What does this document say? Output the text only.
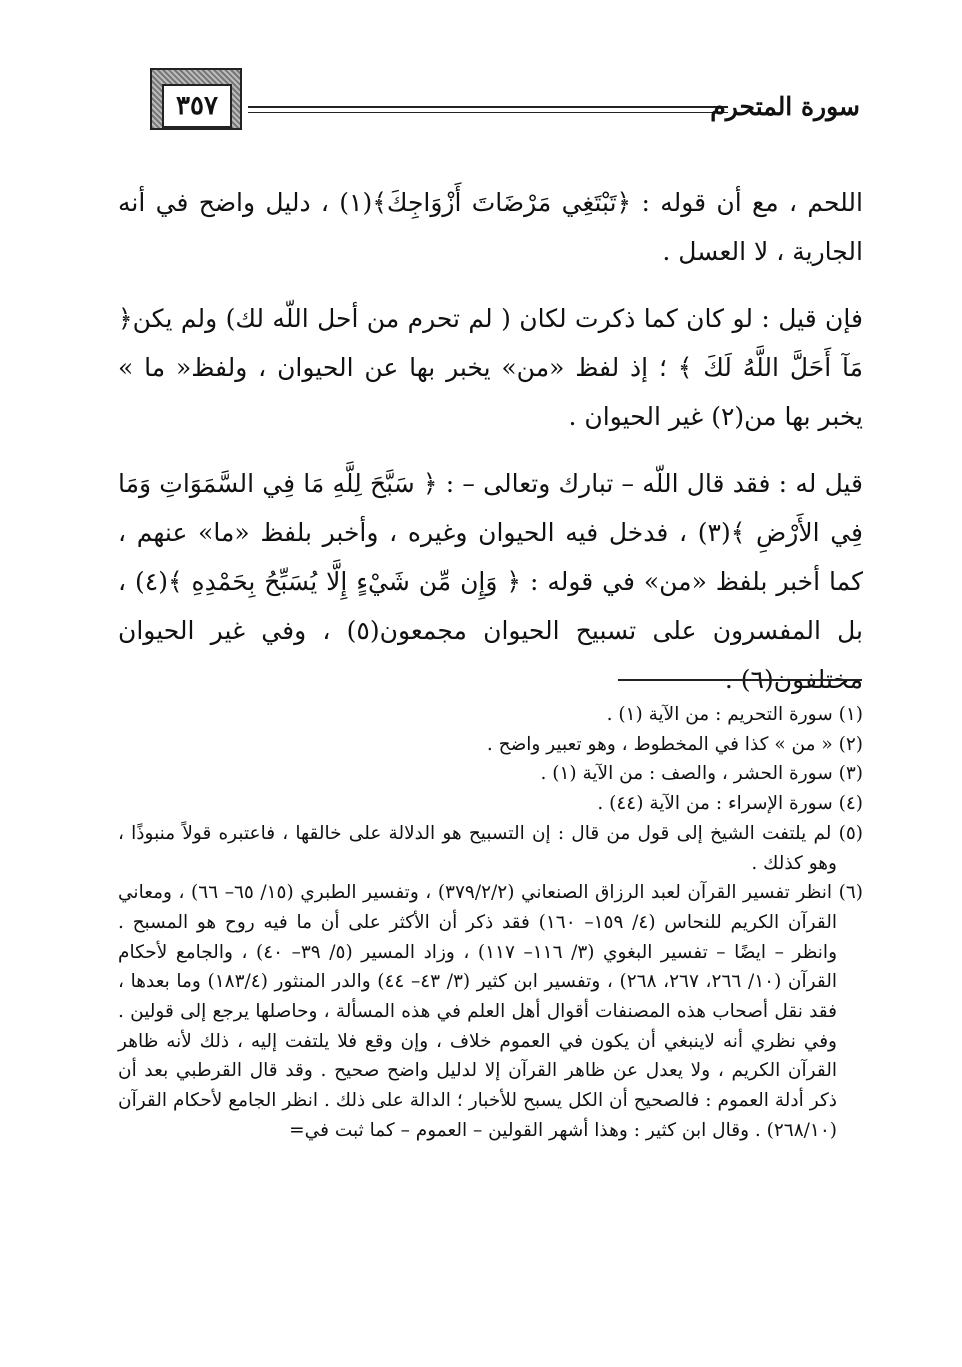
٣٥٧	سورة المتحرم

اللحم ، مع أن قوله : ﴿تَبْتَغِي مَرْضَاتَ أَزْوَاجِكَ﴾(١) ، دليل واضح في أنه الجارية ، لا العسل .

فإن قيل : لو كان كما ذكرت لكان ( لم تحرم من أحل اللّه لك) ولم يكن﴿ مَآ أَحَلَّ اللَّهُ لَكَ ﴾ ؛ إذ لفظ «من» يخبر بها عن الحيوان ، ولفظ« ما » يخبر بها من(٢) غير الحيوان .

قيل له : فقد قال اللّه – تبارك وتعالى – : ﴿ سَبَّحَ لِلَّهِ مَا فِي السَّمَوَاتِ وَمَا فِي الأَرْضِ ﴾(٣) ، فدخل فيه الحيوان وغيره ، وأخبر بلفظ «ما» عنهم ، كما أخبر بلفظ «من» في قوله : ﴿ وَإِن مِّن شَيْءٍ إِلَّا يُسَبِّحُ بِحَمْدِهِ ﴾(٤) ، بل المفسرون على تسبيح الحيوان مجمعون(٥) ، وفي غير الحيوان مختلفون(٦) .

(١) سورة التحريم : من الآية (١) .

(٢) « من » كذا في المخطوط ، وهو تعبير واضح .

(٣) سورة الحشر ، والصف : من الآية (١) .

(٤) سورة الإسراء : من الآية (٤٤) .

(٥) لم يلتفت الشيخ إلى قول من قال : إن التسبيح هو الدلالة على خالقها ، فاعتبره قولاً منبوذًا ، وهو كذلك .

(٦) انظر تفسير القرآن لعبد الرزاق الصنعاني (٣٧٩/٢/٢) ، وتفسير الطبري (١٥/ ٦٥– ٦٦) ، ومعاني القرآن الكريم للنحاس (٤/ ١٥٩– ١٦٠) فقد ذكر أن الأكثر على أن ما فيه روح هو المسبح . وانظر – ايضًا – تفسير البغوي (٣/ ١١٦– ١١٧) ، وزاد المسير (٥/ ٣٩– ٤٠) ، والجامع لأحكام القرآن (١٠/ ٢٦٦، ٢٦٧، ٢٦٨) ، وتفسير ابن كثير (٣/ ٤٣– ٤٤) والدر المنثور (١٨٣/٤) وما بعدها ، فقد نقل أصحاب هذه المصنفات أقوال أهل العلم في هذه المسألة ، وحاصلها يرجع إلى قولين . وفي نظري أنه لاينبغي أن يكون في العموم خلاف ، وإن وقع فلا يلتفت إليه ، ذلك لأنه ظاهر القرآن الكريم ، ولا يعدل عن ظاهر القرآن إلا لدليل واضح صحيح . وقد قال القرطبي بعد أن ذكر أدلة العموم : فالصحيح أن الكل يسبح للأخبار ؛ الدالة على ذلك . انظر الجامع لأحكام القرآن (٢٦٨/١٠) . وقال ابن كثير : وهذا أشهر القولين – العموم – كما ثبت في=
